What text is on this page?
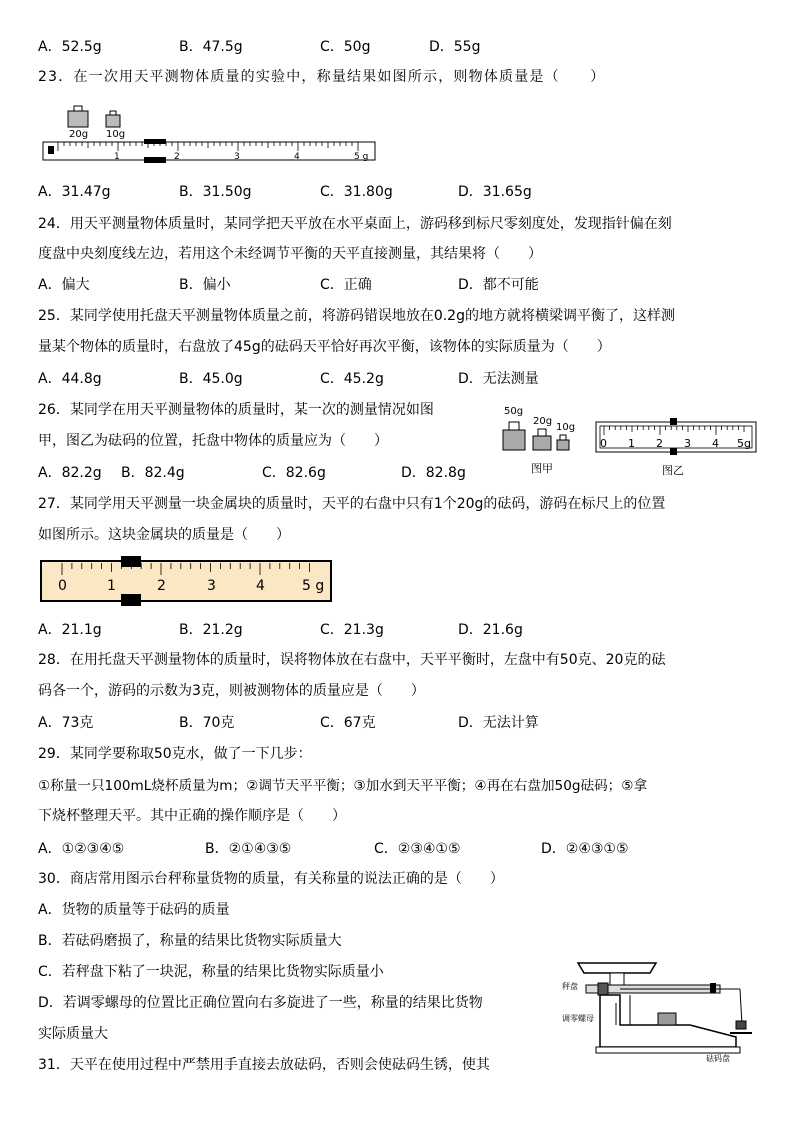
A．52.5g	B．47.5g	C．50g	D．55g
23．在一次用天平测物体质量的实验中，称量结果如图所示，则物体质量是（　　）
20g 10g
1	2	3	4	5 g
A．31.47g	B．31.50g	C．31.80g	D．31.65g
24．用天平测量物体质量时，某同学把天平放在水平桌面上，游码移到标尺零刻度处，发现指针偏在刻
度盘中央刻度线左边，若用这个未经调节平衡的天平直接测量，其结果将（　　）
A．偏大	B．偏小	C．正确	D．都不可能
25．某同学使用托盘天平测量物体质量之前，将游码错误地放在0.2g的地方就将横梁调平衡了，这样测
量某个物体的质量时，右盘放了45g的砝码天平恰好再次平衡，该物体的实际质量为（　　）
A．44.8g	B．45.0g	C．45.2g	D．无法测量
26．某同学在用天平测量物体的质量时，某一次的测量情况如图
甲，图乙为砝码的位置，托盘中物体的质量应为（　　）
A．82.2g B．82.4g	C．82.6g	D．82.8g
50g
20g
10g
图甲
0 1 2 3 4 5g
图乙
27．某同学用天平测量一块金属块的质量时，天平的右盘中只有1个20g的砝码，游码在标尺上的位置
如图所示。这块金属块的质量是（　　）
0	1	2	3	4	5 g
A．21.1g	B．21.2g	C．21.3g	D．21.6g
28．在用托盘天平测量物体的质量时，误将物体放在右盘中，天平平衡时，左盘中有50克、20克的砝
码各一个，游码的示数为3克，则被测物体的质量应是（　　）
A．73克	B．70克	C．67克	D．无法计算
29．某同学要称取50克水，做了一下几步：
①称量一只100mL烧杯质量为m；②调节天平平衡；③加水到天平平衡；④再在右盘加50g砝码；⑤拿
下烧杯整理天平。其中正确的操作顺序是（　　）
A．①②③④⑤	B．②①④③⑤	C．②③④①⑤	D．②④③①⑤
30．商店常用图示台秤称量货物的质量，有关称量的说法正确的是（　　）
A．货物的质量等于砝码的质量
B．若砝码磨损了，称量的结果比货物实际质量大
C．若秤盘下粘了一块泥，称量的结果比货物实际质量小
D．若调零螺母的位置比正确位置向右多旋进了一些，称量的结果比货物
实际质量大
秤盘
调零螺母
砝码盘
31．天平在使用过程中严禁用手直接去放砝码，否则会使砝码生锈，使其
